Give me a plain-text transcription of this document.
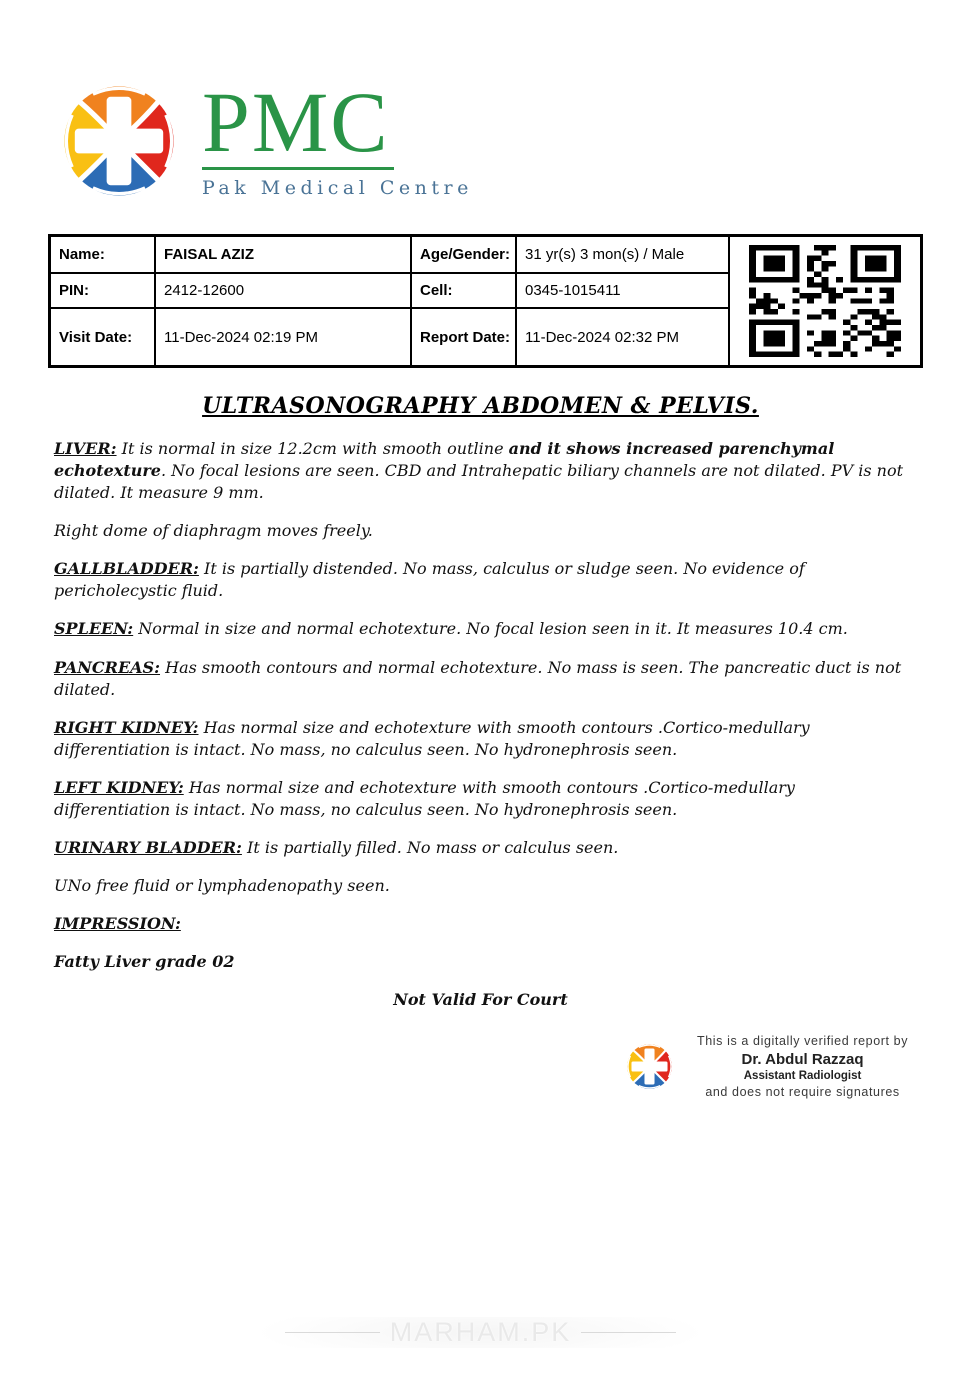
PMC
Pak Medical Centre
Name:	FAISAL AZIZ	Age/Gender: 31 yr(s) 3 mon(s) / Male
PIN:	2412-12600	Cell:	0345-1015411
Visit Date:	11-Dec-2024 02:19 PM	Report Date: 11-Dec-2024 02:32 PM
ULTRASONOGRAPHY ABDOMEN & PELVIS.

LIVER: It is normal in size 12.2cm with smooth outline and it shows increased parenchymal echotexture. No focal lesions are seen. CBD and Intrahepatic biliary channels are not dilated. PV is not dilated. It measure 9 mm.

Right dome of diaphragm moves freely.

GALLBLADDER: It is partially distended. No mass, calculus or sludge seen. No evidence of pericholecystic fluid.

SPLEEN: Normal in size and normal echotexture. No focal lesion seen in it. It measures 10.4 cm.

PANCREAS: Has smooth contours and normal echotexture. No mass is seen. The pancreatic duct is not dilated.

RIGHT KIDNEY: Has normal size and echotexture with smooth contours .Cortico-medullary differentiation is intact. No mass, no calculus seen. No hydronephrosis seen.

LEFT KIDNEY: Has normal size and echotexture with smooth contours .Cortico-medullary differentiation is intact. No mass, no calculus seen. No hydronephrosis seen.

URINARY BLADDER: It is partially filled. No mass or calculus seen.

UNo free fluid or lymphadenopathy seen.

IMPRESSION:

Fatty Liver grade 02

Not Valid For Court

This is a digitally verified report by
Dr. Abdul Razzaq
Assistant Radiologist
and does not require signatures
MARHAM.PK
